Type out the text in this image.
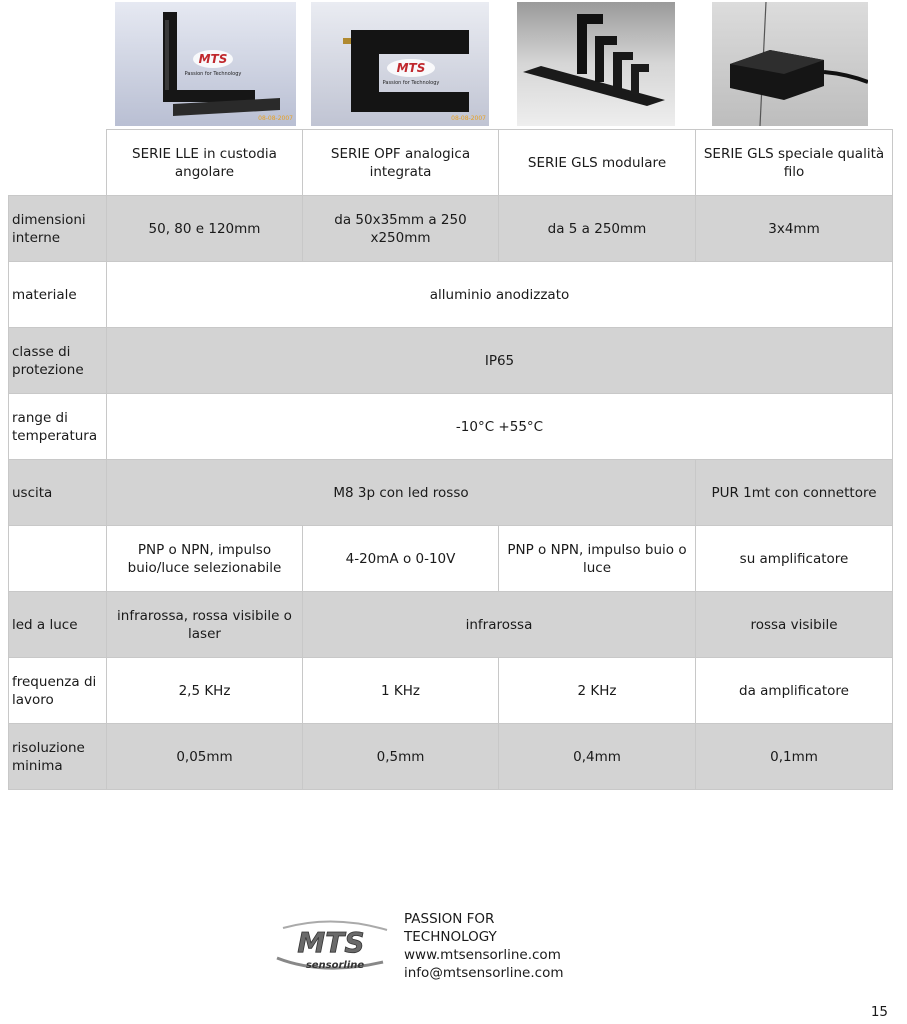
MTS
Passion for Technology
08-08-2007
MTS
Passion for Technology
08-08-2007
	SERIE LLE in custodia angolare	SERIE OPF analogica integrata	SERIE GLS modulare	SERIE GLS speciale qualità filo
dimensioni interne	50, 80 e 120mm	da 50x35mm a 250 x250mm	da 5 a 250mm	3x4mm
materiale	alluminio anodizzato			
classe di protezione	IP65			
range di temperatura	-10°C +55°C			
uscita	M8 3p con led rosso			PUR 1mt con connettore
	PNP o NPN, impulso buio/luce selezionabile	4-20mA o 0-10V	PNP o NPN, impulso buio o luce	su amplificatore
led a luce	infrarossa, rossa visibile o laser	infrarossa		rossa visibile
frequenza di lavoro	2,5 KHz	1 KHz	2 KHz	da amplificatore
risoluzione minima	0,05mm	0,5mm	0,4mm	0,1mm
MTS
sensorline
PASSION FOR
TECHNOLOGY
www.mtsensorline.com
info@mtsensorline.com
15
